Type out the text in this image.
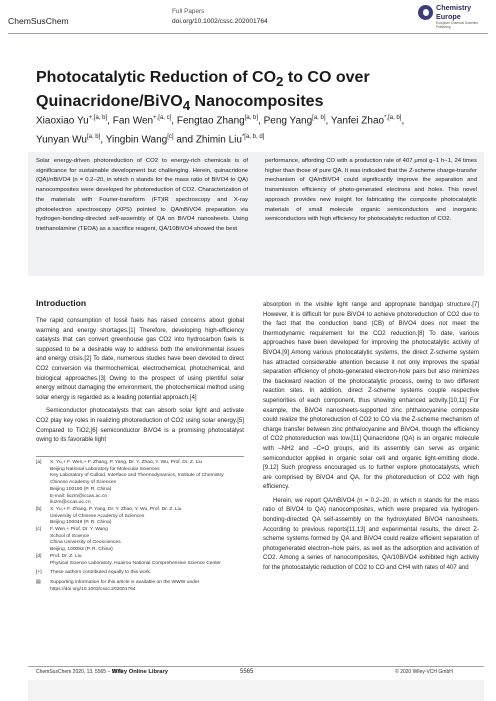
ChemSusChem
Full Papers
doi.org/10.1002/cssc.202001764
Chemistry
Europe
European Chemical Societies Publishing
Photocatalytic Reduction of $CO_2$ to CO over
Quinacridone/BiVO$_4$ Nanocomposites
Xiaoxiao $Yu^{+,[a, b]}$, Fan Wen$^{+,[a, c]}$, Fengtao Zhang[a, b], Peng Yang[a, b], Yanfei Zhao$^{*,[a, b]}$,
Yunyan Wu[a, b], Yingbin Wang[c] and Zhimin Liu$^{*[a, b, d]}$
Solar energy-driven photoreduction of CO2 to energy-rich chemicals is of significance for sustainable development but challenging. Herein, quinacridone (QA)/nBiVO4 (n = 0.2–20, in which n stands for the mass ratio of BiVO4 to QA) nanocomposites were developed for photoreduction of CO2. Characterization of the materials with Fourier-transform (FT)IR spectroscopy and X-ray photoelectron spectroscopy (XPS) pointed to QA/nBiVO4 preparation via hydrogen-bonding-directed self-assembly of QA on BiVO4 nanosheets. Using triethanolamine (TEOA) as a sacrifice reagent, QA/10BiVO4 showed the best
performance, affording CO with a production rate of 407 μmol g−1 h−1, 24 times higher than those of pure QA. It was indicated that the Z-scheme charge-transfer mechanism of QA/nBiVO4 could significantly improve the separation and transmission efficiency of photo-generated electrons and holes. This novel approach provides new insight for fabricating the composite photocatalytic materials of small molecule organic semiconductors and inorganic semiconductors with high efficiency for photocatalytic reduction of CO2.
Introduction

The rapid consumption of fossil fuels has raised concerns about global warming and energy shortages.[1] Therefore, developing high-efficiency catalysts that can convert greenhouse gas CO2 into hydrocarbon fuels is supposed to be a desirable way to address both the environmental issues and energy crisis.[2] To date, numerous studies have been devoted to direct CO2 conversion via thermochemical, electrochemical, photochemical, and biological approaches.[3] Owing to the prospect of using plentiful solar energy without damaging the environment, the photochemical method using solar energy is regarded as a leading potential approach.[4]

Semiconductor photocatalysts that can absorb solar light and activate CO2 play key roles in realizing photoreduction of CO2 using solar energy.[5] Compared to TiO2,[6] semiconductor BiVO4 is a promising photocatalyst owing to its favorable light

absorption in the visible light range and appropriate bandgap structure.[7] However, it is difficult for pure BiVO4 to achieve photoreduction of CO2 due to the fact that the conduction band (CB) of BiVO4 does not meet the thermodynamic requirement for the CO2 reduction.[8] To date, various approaches have been developed for improving the photocatalytic activity of BiVO4.[9] Among various photocatalytic systems, the direct Z-scheme system has attracted considerable attention because it not only improves the spatial separation efficiency of photo-generated electron-hole pairs but also minimizes the backward reaction of the photocatalytic process, owing to two different reaction sites. In addition, direct Z-scheme systems couple respective superiorities of each component, thus showing enhanced activity.[10,11] For example, the BiVO4 nanosheets-supported zinc phthalocyanine composite could realize the photoreduction of CO2 to CO via the Z-scheme mechanism of charge transfer between zinc phthalocyanine and BiVO4, though the efficiency of CO2 photoreduction was low.[11] Quinacridone (QA) is an organic molecule with –NH2 and –C=O groups, and its assembly can serve as organic semiconductor applied in organic solar cell and organic light-emitting diode.[9,12] Such progress encouraged us to further explore photocatalysts, which are comprised by BiVO4 and QA, for the photoreduction of CO2 with high efficiency.

Herein, we report QA/nBiVO4 (n = 0.2–20, in which n stands for the mass ratio of BiVO4 to QA) nanocomposites, which were prepared via hydrogen-bonding-directed QA self-assembly on the hydroxylated BiVO4 nanosheets. According to previous reports[11,13] and experimental results, the direct Z-scheme systems formed by QA and BiVO4 could realize efficient separation of photogenerated electron–hole pairs, as well as the adsorption and activation of CO2. Among a series of nanocomposites, QA/10BiVO4 exhibited high activity for the photocatalytic reduction of CO2 to CO and CH4 with rates of 407 and

[a]	X. Yu,+ F. Wen,+ F. Zhang, P. Yang, Dr. Y. Zhao, Y. Wu, Prof. Dr. Z. Liu
Beijing National Laboratory for Molecular Sciences
Key Laboratory of Colloid, Interface and Thermodynamics, Institute of Chemistry
Chinese Academy of Sciences
Beijing 100190 (P. R. China)
E-mail: liuzm@iccas.ac.cn
liuzm@iccas.ac.cn
[b]	X. Yu,+ F. Zhang, P. Yang, Dr. Y. Zhao, Y. Wu, Prof. Dr. Z. Liu
University of Chinese Academy of Sciences
Beijing 100049 (P. R. China)
[c]	F. Wen,+ Prof. Dr. Y. Wang
School of Science
China University of Geosciences
Beijing, 100083 (P. R. China)
[d]	Prof. Dr. Z. Liu
Physical Science Laboratory, Huairou National Comprehensive Science Center
[+]	These authors contributed equally to this work.
▤	Supporting information for this article is available on the WWW under https://doi.org/10.1002/cssc.202001764
ChemSusChem 2020, 13, 5565 – 5570
Wiley Online Library	5565	© 2020 Wiley-VCH GmbH
